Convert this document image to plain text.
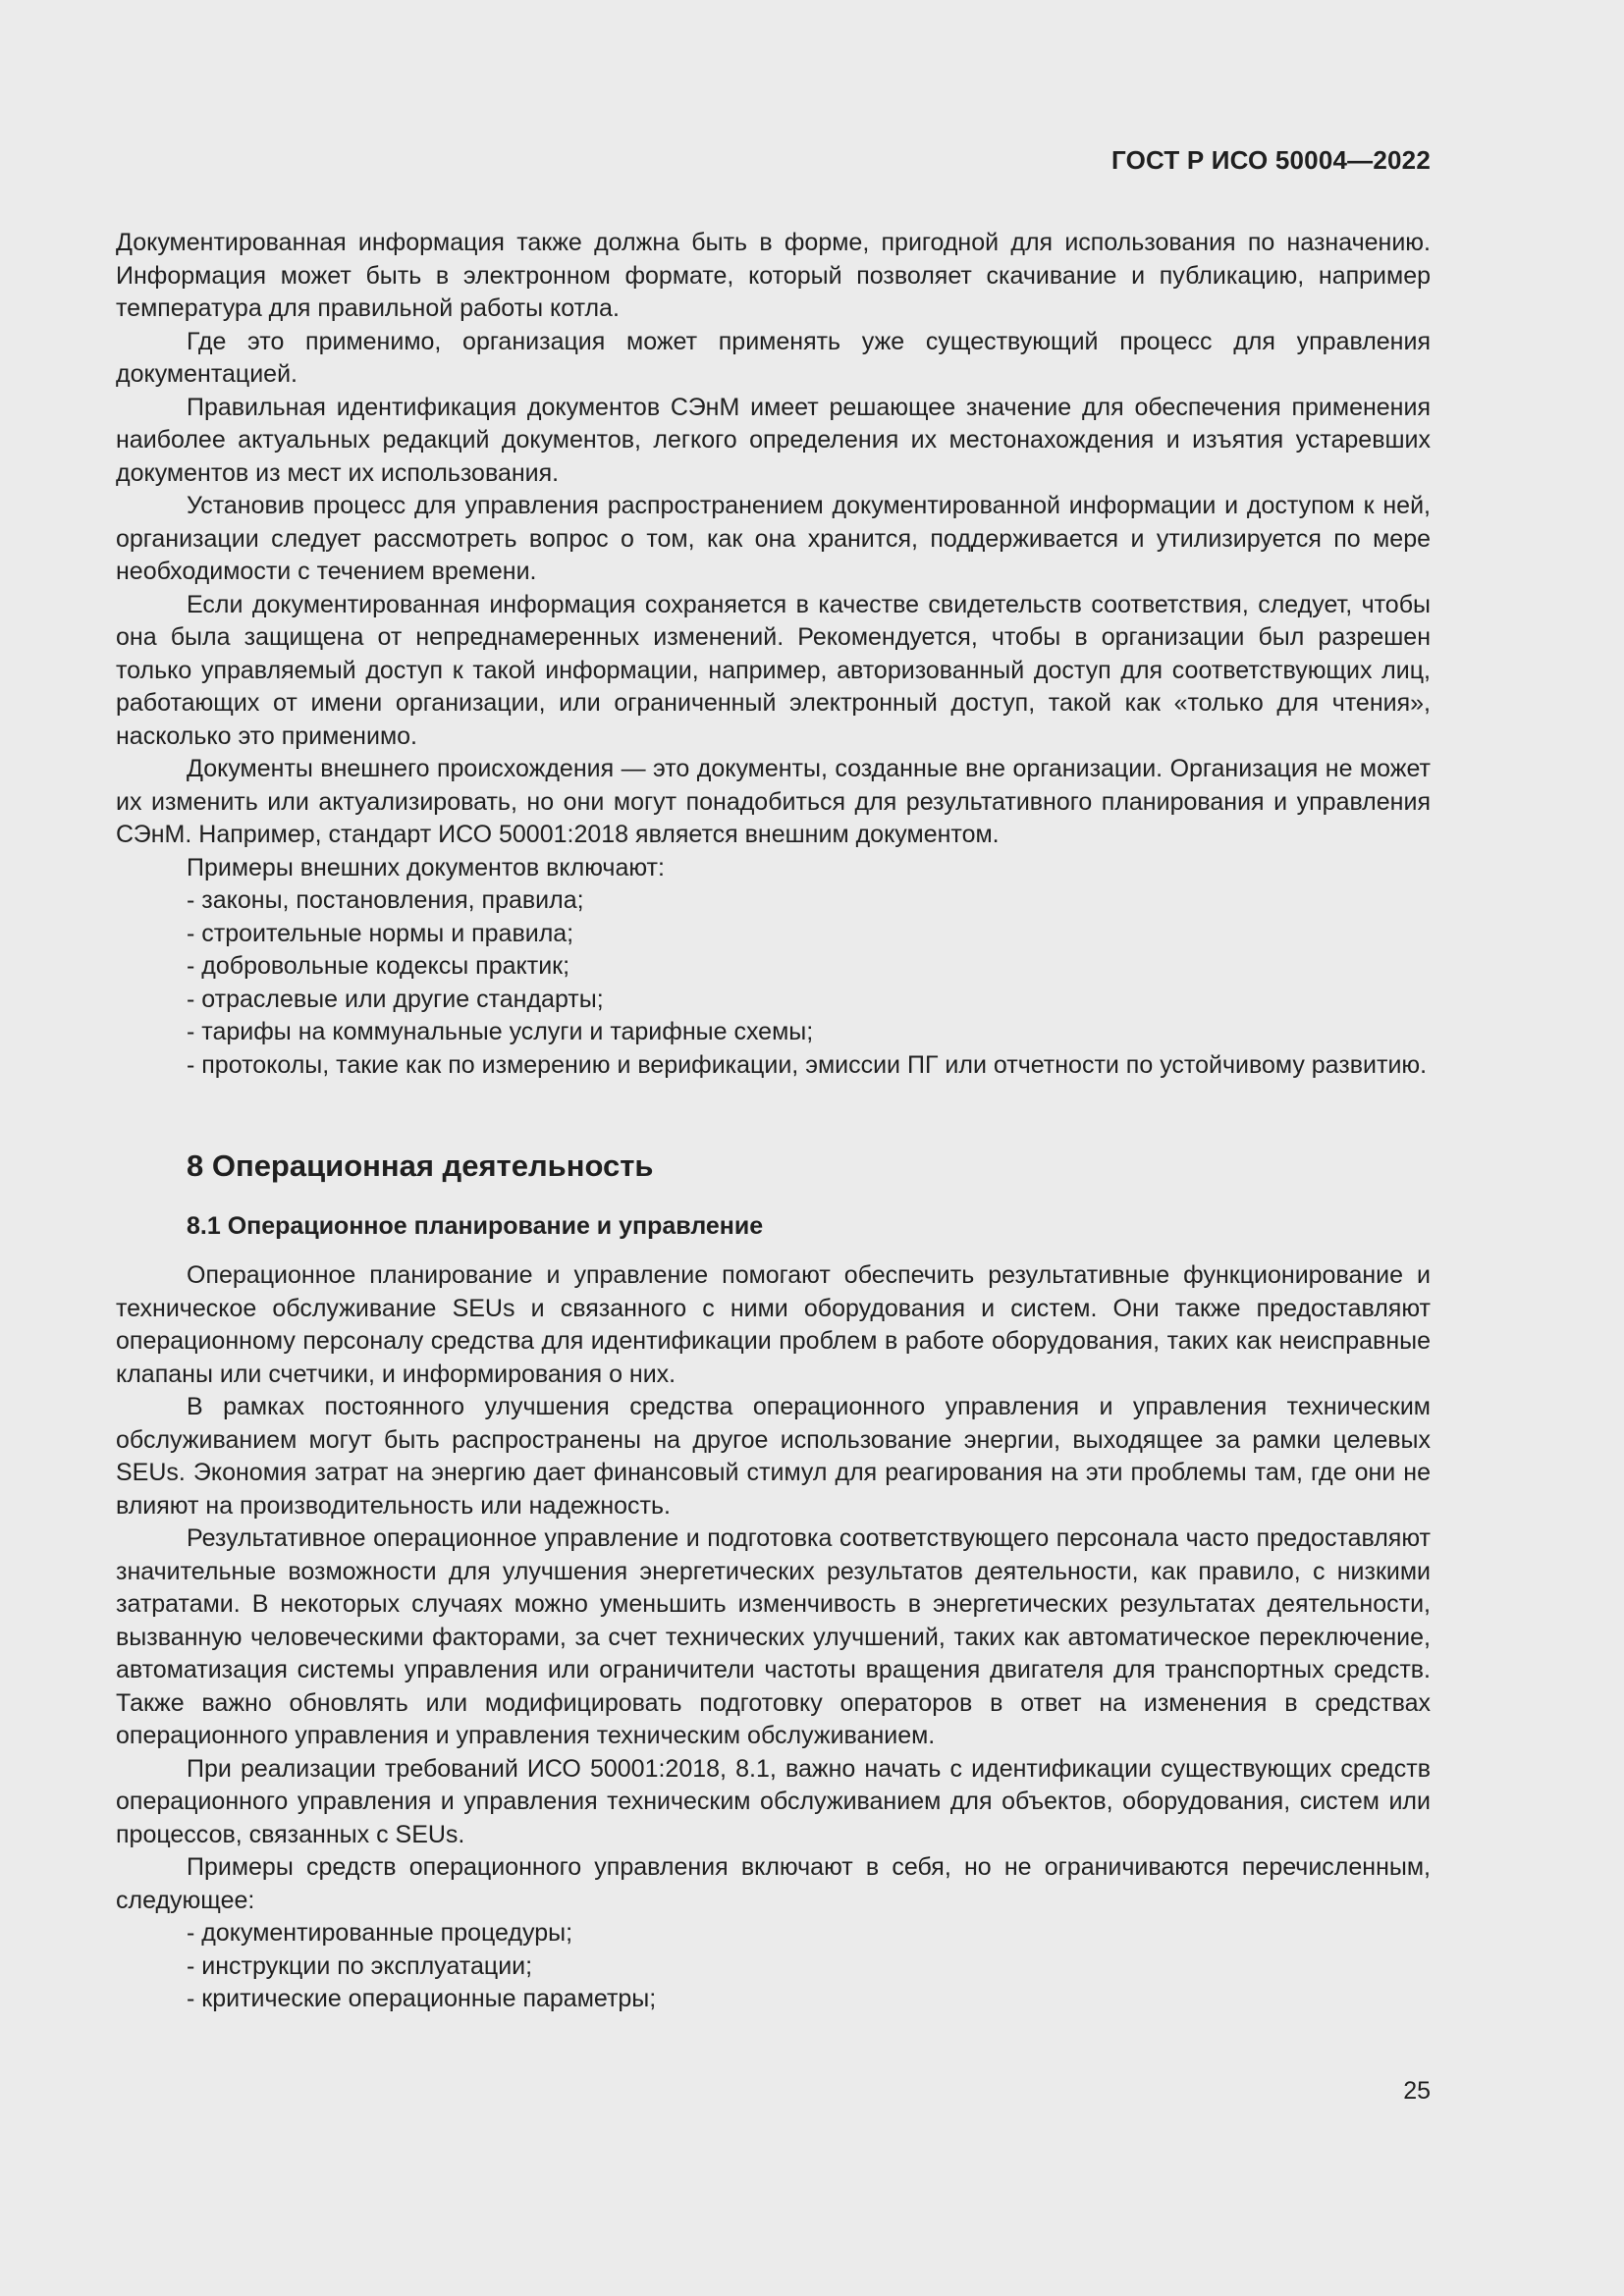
ГОСТ Р ИСО 50004—2022

Документированная информация также должна быть в форме, пригодной для использования по назначению. Информация может быть в электронном формате, который позволяет скачивание и публикацию, например температура для правильной работы котла.

Где это применимо, организация может применять уже существующий процесс для управления документацией.

Правильная идентификация документов СЭнМ имеет решающее значение для обеспечения применения наиболее актуальных редакций документов, легкого определения их местонахождения и изъятия устаревших документов из мест их использования.

Установив процесс для управления распространением документированной информации и доступом к ней, организации следует рассмотреть вопрос о том, как она хранится, поддерживается и утилизируется по мере необходимости с течением времени.

Если документированная информация сохраняется в качестве свидетельств соответствия, следует, чтобы она была защищена от непреднамеренных изменений. Рекомендуется, чтобы в организации был разрешен только управляемый доступ к такой информации, например, авторизованный доступ для соответствующих лиц, работающих от имени организации, или ограниченный электронный доступ, такой как «только для чтения», насколько это применимо.

Документы внешнего происхождения — это документы, созданные вне организации. Организация не может их изменить или актуализировать, но они могут понадобиться для результативного планирования и управления СЭнМ. Например, стандарт ИСО 50001:2018 является внешним документом.

Примеры внешних документов включают:

- законы, постановления, правила;

- строительные нормы и правила;

- добровольные кодексы практик;

- отраслевые или другие стандарты;

- тарифы на коммунальные услуги и тарифные схемы;

- протоколы, такие как по измерению и верификации, эмиссии ПГ или отчетности по устойчивому развитию.

8 Операционная деятельность
8.1 Операционное планирование и управление

Операционное планирование и управление помогают обеспечить результативные функционирование и техническое обслуживание SEUs и связанного с ними оборудования и систем. Они также предоставляют операционному персоналу средства для идентификации проблем в работе оборудования, таких как неисправные клапаны или счетчики, и информирования о них.

В рамках постоянного улучшения средства операционного управления и управления техническим обслуживанием могут быть распространены на другое использование энергии, выходящее за рамки целевых SEUs. Экономия затрат на энергию дает финансовый стимул для реагирования на эти проблемы там, где они не влияют на производительность или надежность.

Результативное операционное управление и подготовка соответствующего персонала часто предоставляют значительные возможности для улучшения энергетических результатов деятельности, как правило, с низкими затратами. В некоторых случаях можно уменьшить изменчивость в энергетических результатах деятельности, вызванную человеческими факторами, за счет технических улучшений, таких как автоматическое переключение, автоматизация системы управления или ограничители частоты вращения двигателя для транспортных средств. Также важно обновлять или модифицировать подготовку операторов в ответ на изменения в средствах операционного управления и управления техническим обслуживанием.

При реализации требований ИСО 50001:2018, 8.1, важно начать с идентификации существующих средств операционного управления и управления техническим обслуживанием для объектов, оборудования, систем или процессов, связанных с SEUs.

Примеры средств операционного управления включают в себя, но не ограничиваются перечисленным, следующее:

- документированные процедуры;

- инструкции по эксплуатации;

- критические операционные параметры;

25
